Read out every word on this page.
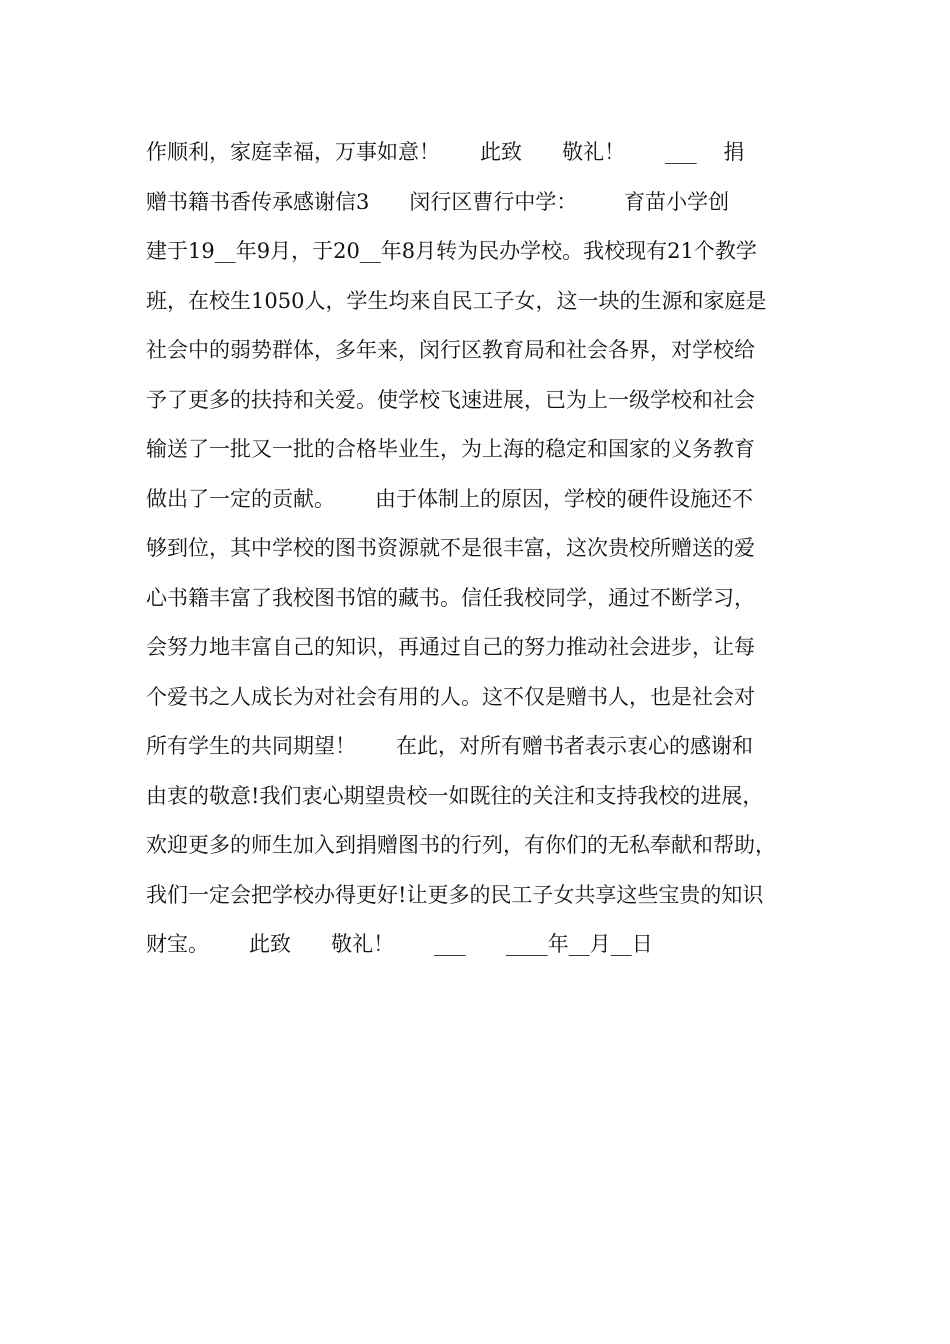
作顺利，家庭幸福，万事如意！      此致      敬礼！      ___    捐
赠书籍书香传承感谢信3      闵行区曹行中学：       育苗小学创
建于19__年9月，于20__年8月转为民办学校。我校现有21个教学
班，在校生1050人，学生均来自民工子女，这一块的生源和家庭是
社会中的弱势群体，多年来，闵行区教育局和社会各界，对学校给
予了更多的扶持和关爱。使学校飞速进展，已为上一级学校和社会
输送了一批又一批的合格毕业生，为上海的稳定和国家的义务教育
做出了一定的贡献。      由于体制上的原因，学校的硬件设施还不
够到位，其中学校的图书资源就不是很丰富，这次贵校所赠送的爱
心书籍丰富了我校图书馆的藏书。信任我校同学，通过不断学习，
会努力地丰富自己的知识，再通过自己的努力推动社会进步，让每
个爱书之人成长为对社会有用的人。这不仅是赠书人，也是社会对
所有学生的共同期望！      在此，对所有赠书者表示衷心的感谢和
由衷的敬意!我们衷心期望贵校一如既往的关注和支持我校的进展，
欢迎更多的师生加入到捐赠图书的行列，有你们的无私奉献和帮助，
我们一定会把学校办得更好!让更多的民工子女共享这些宝贵的知识
财宝。      此致      敬礼！      ___      ____年__月__日
